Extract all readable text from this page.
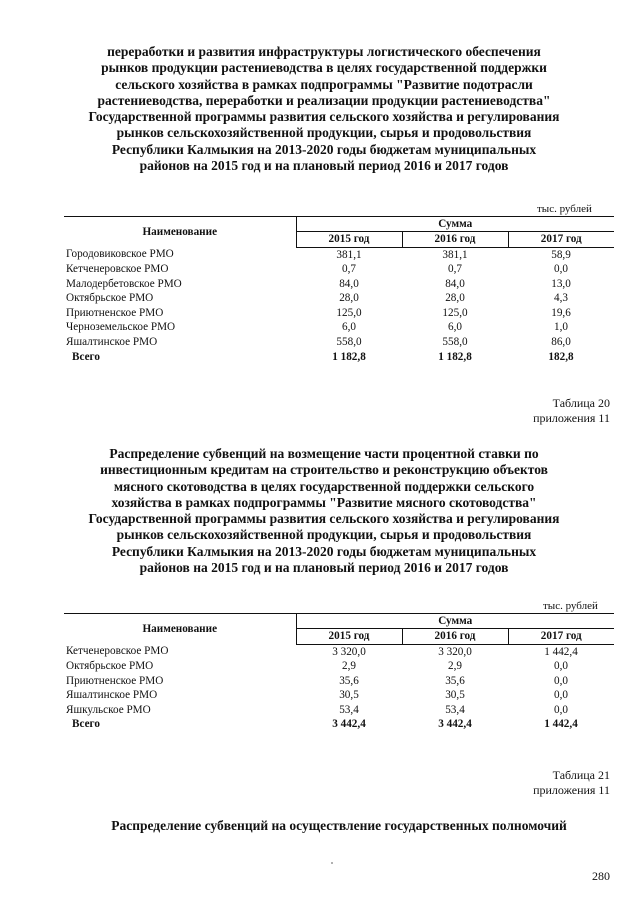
переработки и развития инфраструктуры логистического обеспечения
рынков продукции растениеводства в целях государственной поддержки
сельского хозяйства в рамках подпрограммы "Развитие подотрасли
растениеводства, переработки и реализации продукции растениеводства"
Государственной программы развития сельского хозяйства и регулирования
рынков сельскохозяйственной продукции, сырья и продовольствия
Республики Калмыкия на 2013-2020 годы бюджетам муниципальных
районов на 2015 год и на плановый период 2016 и 2017 годов
тыс. рублей
Наименование	Сумма		
	2015 год	2016 год	2017 год
Городовиковское РМО	381,1	381,1	58,9
Кетченеровское РМО	0,7	0,7	0,0
Малодербетовское РМО	84,0	84,0	13,0
Октябрьское РМО	28,0	28,0	4,3
Приютненское РМО	125,0	125,0	19,6
Черноземельское РМО	6,0	6,0	1,0
Яшалтинское РМО	558,0	558,0	86,0
Всего	1 182,8	1 182,8	182,8
Таблица 20
приложения 11
Распределение субвенций на возмещение части процентной ставки по
инвестиционным кредитам на строительство и реконструкцию объектов
мясного скотоводства в целях государственной поддержки сельского
хозяйства в рамках подпрограммы "Развитие мясного скотоводства"
Государственной программы развития сельского хозяйства и регулирования
рынков сельскохозяйственной продукции, сырья и продовольствия
Республики Калмыкия на 2013-2020 годы бюджетам муниципальных
районов на 2015 год и на плановый период 2016 и 2017 годов
тыс. рублей
Наименование	Сумма		
	2015 год	2016 год	2017 год
Кетченеровское РМО	3 320,0	3 320,0	1 442,4
Октябрьское РМО	2,9	2,9	0,0
Приютненское РМО	35,6	35,6	0,0
Яшалтинское РМО	30,5	30,5	0,0
Яшкульское РМО	53,4	53,4	0,0
Всего	3 442,4	3 442,4	1 442,4
Таблица 21
приложения 11
Распределение субвенций на осуществление государственных полномочий
280
